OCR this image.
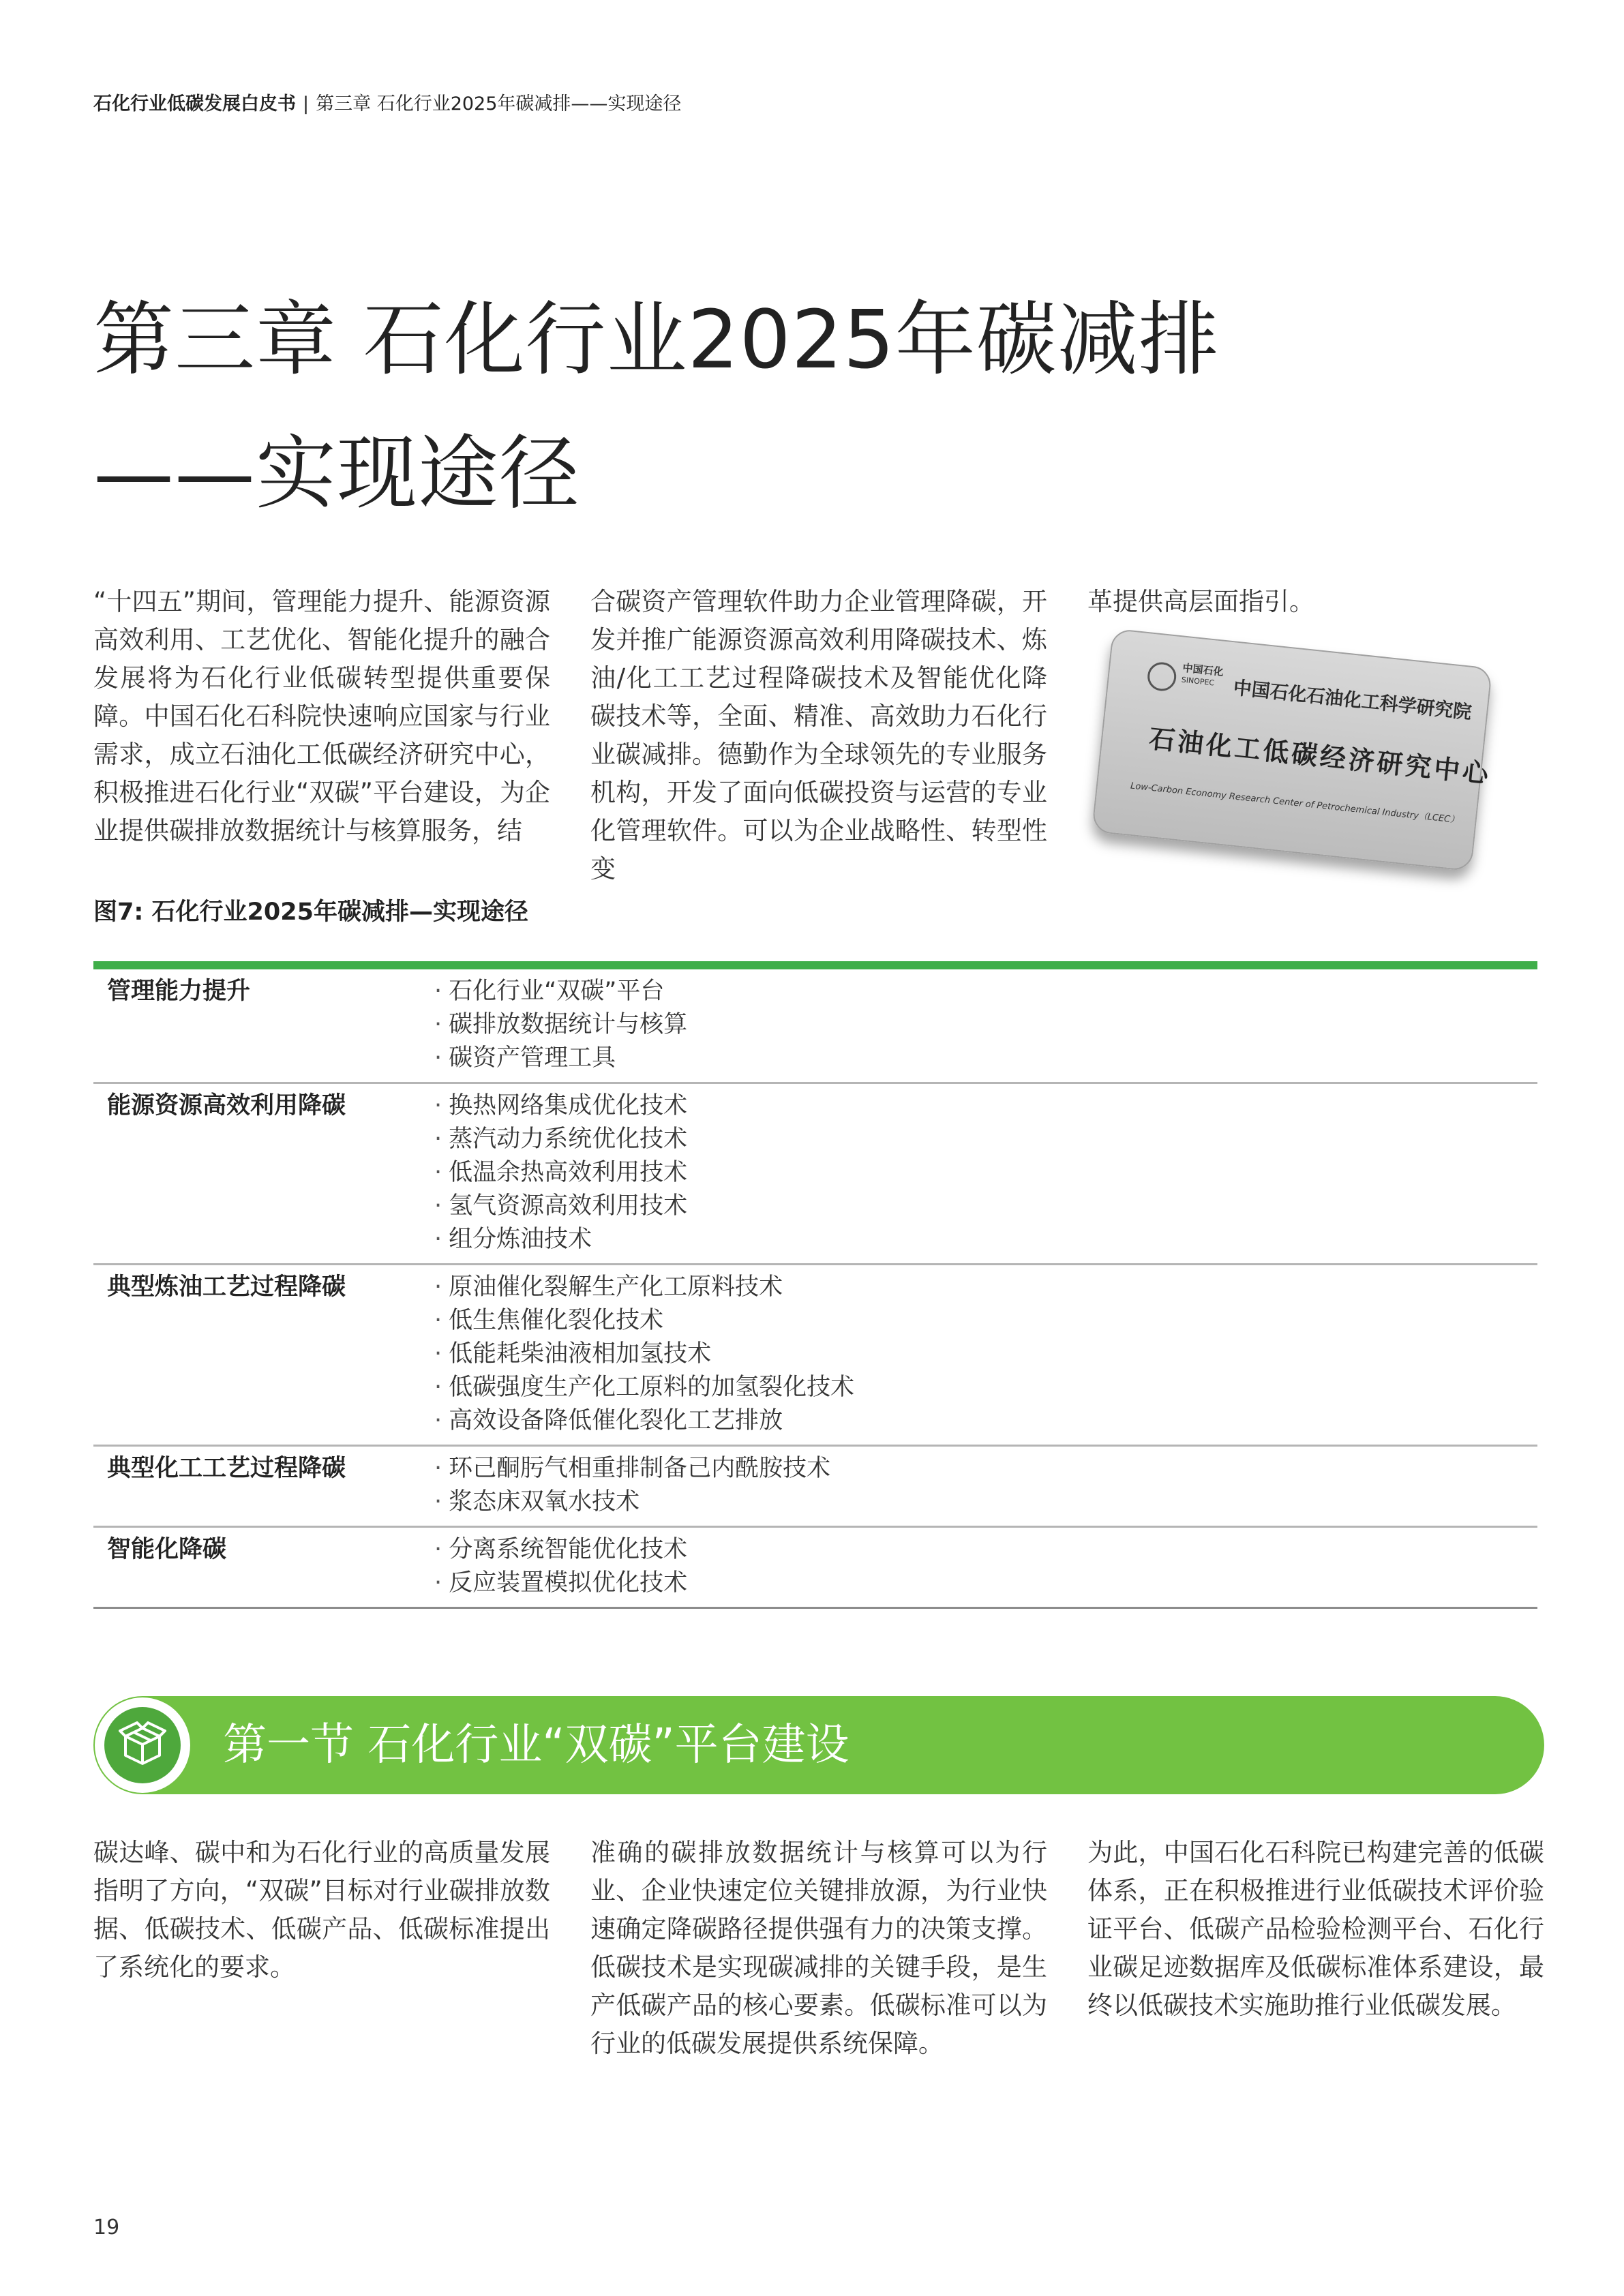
石化行业低碳发展白皮书 | 第三章 石化行业2025年碳减排——实现途径
第三章 石化行业2025年碳减排
——实现途径

“十四五”期间，管理能力提升、能源资源高效利用、工艺优化、智能化提升的融合发展将为石化行业低碳转型提供重要保障。中国石化石科院快速响应国家与行业需求，成立石油化工低碳经济研究中心，积极推进石化行业“双碳”平台建设，为企业提供碳排放数据统计与核算服务，结

合碳资产管理软件助力企业管理降碳，开发并推广能源资源高效利用降碳技术、炼油/化工工艺过程降碳技术及智能优化降碳技术等，全面、精准、高效助力石化行业碳减排。德勤作为全球领先的专业服务机构，开发了面向低碳投资与运营的专业化管理软件。可以为企业战略性、转型性变

革提供高层面指引。

中国石化
SINOPEC 中国石化石油化工科学研究院
石油化工低碳经济研究中心
Low-Carbon Economy Research Center of Petrochemical Industry（LCEC）
图7: 石化行业2025年碳减排—实现途径
管理能力提升	· 石化行业“双碳”平台
· 碳排放数据统计与核算
· 碳资产管理工具
能源资源高效利用降碳	· 换热网络集成优化技术
· 蒸汽动力系统优化技术
· 低温余热高效利用技术
· 氢气资源高效利用技术
· 组分炼油技术
典型炼油工艺过程降碳	· 原油催化裂解生产化工原料技术
· 低生焦催化裂化技术
· 低能耗柴油液相加氢技术
· 低碳强度生产化工原料的加氢裂化技术
· 高效设备降低催化裂化工艺排放
典型化工工艺过程降碳	· 环己酮肟气相重排制备己内酰胺技术
· 浆态床双氧水技术
智能化降碳	· 分离系统智能优化技术
· 反应装置模拟优化技术
第一节 石化行业“双碳”平台建设

碳达峰、碳中和为石化行业的高质量发展指明了方向，“双碳”目标对行业碳排放数据、低碳技术、低碳产品、低碳标准提出了系统化的要求。

准确的碳排放数据统计与核算可以为行业、企业快速定位关键排放源，为行业快速确定降碳路径提供强有力的决策支撑。低碳技术是实现碳减排的关键手段，是生产低碳产品的核心要素。低碳标准可以为行业的低碳发展提供系统保障。

为此，中国石化石科院已构建完善的低碳体系，正在积极推进行业低碳技术评价验证平台、低碳产品检验检测平台、石化行业碳足迹数据库及低碳标准体系建设，最终以低碳技术实施助推行业低碳发展。

19
